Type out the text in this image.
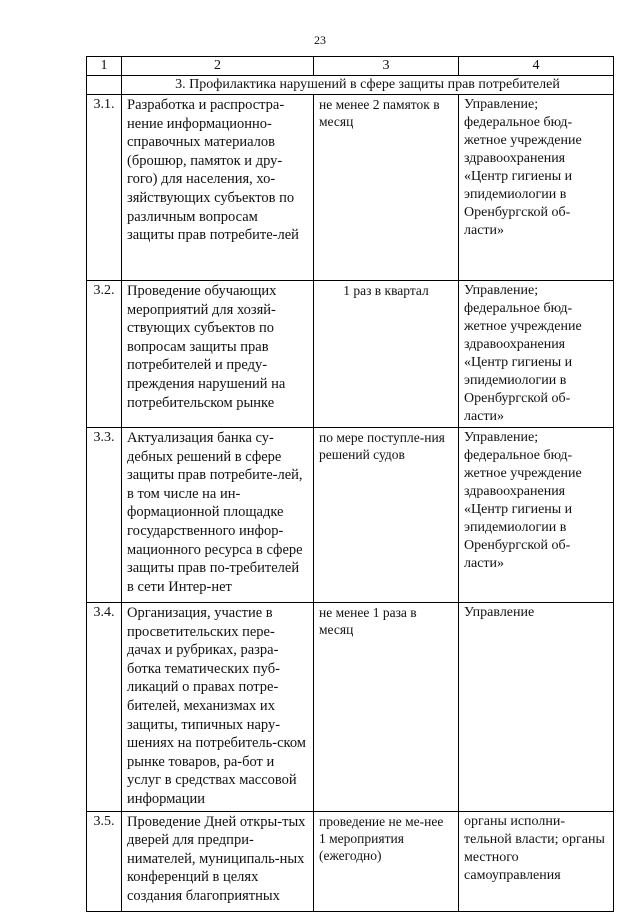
23
1	2	3	4
	3. Профилактика нарушений в сфере защиты прав потребителей		
3.1.	Разработка и распростра-нение информационно-справочных материалов (брошюр, памяток и дру-гого) для населения, хо-зяйствующих субъектов по различным вопросам защиты прав потребите-лей	не менее 2 памяток в месяц	Управление; федеральное бюд-жетное учреждение здравоохранения «Центр гигиены и эпидемиологии в Оренбургской об-ласти»
3.2.	Проведение обучающих мероприятий для хозяй-ствующих субъектов по вопросам защиты прав потребителей и преду-преждения нарушений на потребительском рынке	1 раз в квартал	Управление; федеральное бюд-жетное учреждение здравоохранения «Центр гигиены и эпидемиологии в Оренбургской об-ласти»
3.3.	Актуализация банка су-дебных решений в сфере защиты прав потребите-лей, в том числе на ин-формационной площадке государственного инфор-мационного ресурса в сфере защиты прав по-требителей в сети Интер-нет	по мере поступле-ния решений судов	Управление; федеральное бюд-жетное учреждение здравоохранения «Центр гигиены и эпидемиологии в Оренбургской об-ласти»
3.4.	Организация, участие в просветительских пере-дачах и рубриках, разра-ботка тематических пуб-ликаций о правах потре-бителей, механизмах их защиты, типичных нару-шениях на потребитель-ском рынке товаров, ра-бот и услуг в средствах массовой информации	не менее 1 раза в месяц	Управление
3.5.	Проведение Дней откры-тых дверей для предпри-нимателей, муниципаль-ных конференций в целях создания благоприятных	проведение не ме-нее 1 мероприятия (ежегодно)	органы исполни-тельной власти; органы местного самоуправления
